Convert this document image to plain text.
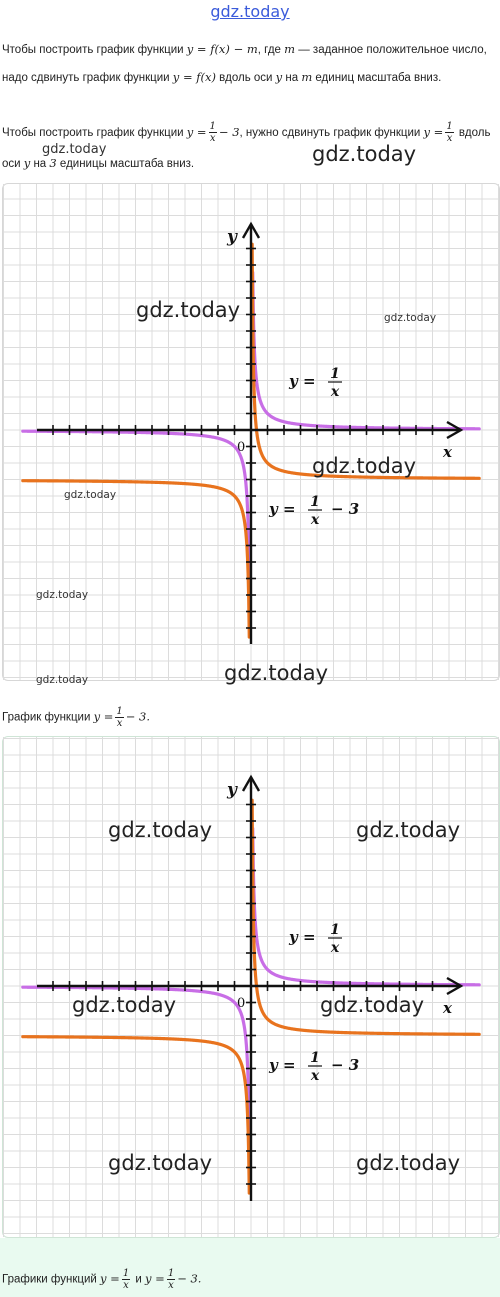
gdz.today
Чтобы построить график функции y = f(x) − m, где m — заданное положительное число, надо сдвинуть график функции y = f(x) вдоль оси y на m единиц масштаба вниз.
Чтобы построить график функции $y = \frac{1}{x} - 3$, нужно сдвинуть график функции $y = \frac{1}{x}$ вдоль оси y на 3 единицы масштаба вниз.
y
x
0
y = 1
x
y = 1
x
− 3
График функции $y = \frac{1}{x} - 3$.
y
x
0
y = 1
x
y = 1
x
− 3
Графики функций $y = \frac{1}{x}$ и $y = \frac{1}{x} - 3$.
gdz.today
gdz.today
gdz.today	gdz.today
gdz.today
gdz.today
gdz.today
gdz.today
gdz.today
gdz.today	gdz.today
gdz.today	gdz.today
gdz.today	gdz.today
